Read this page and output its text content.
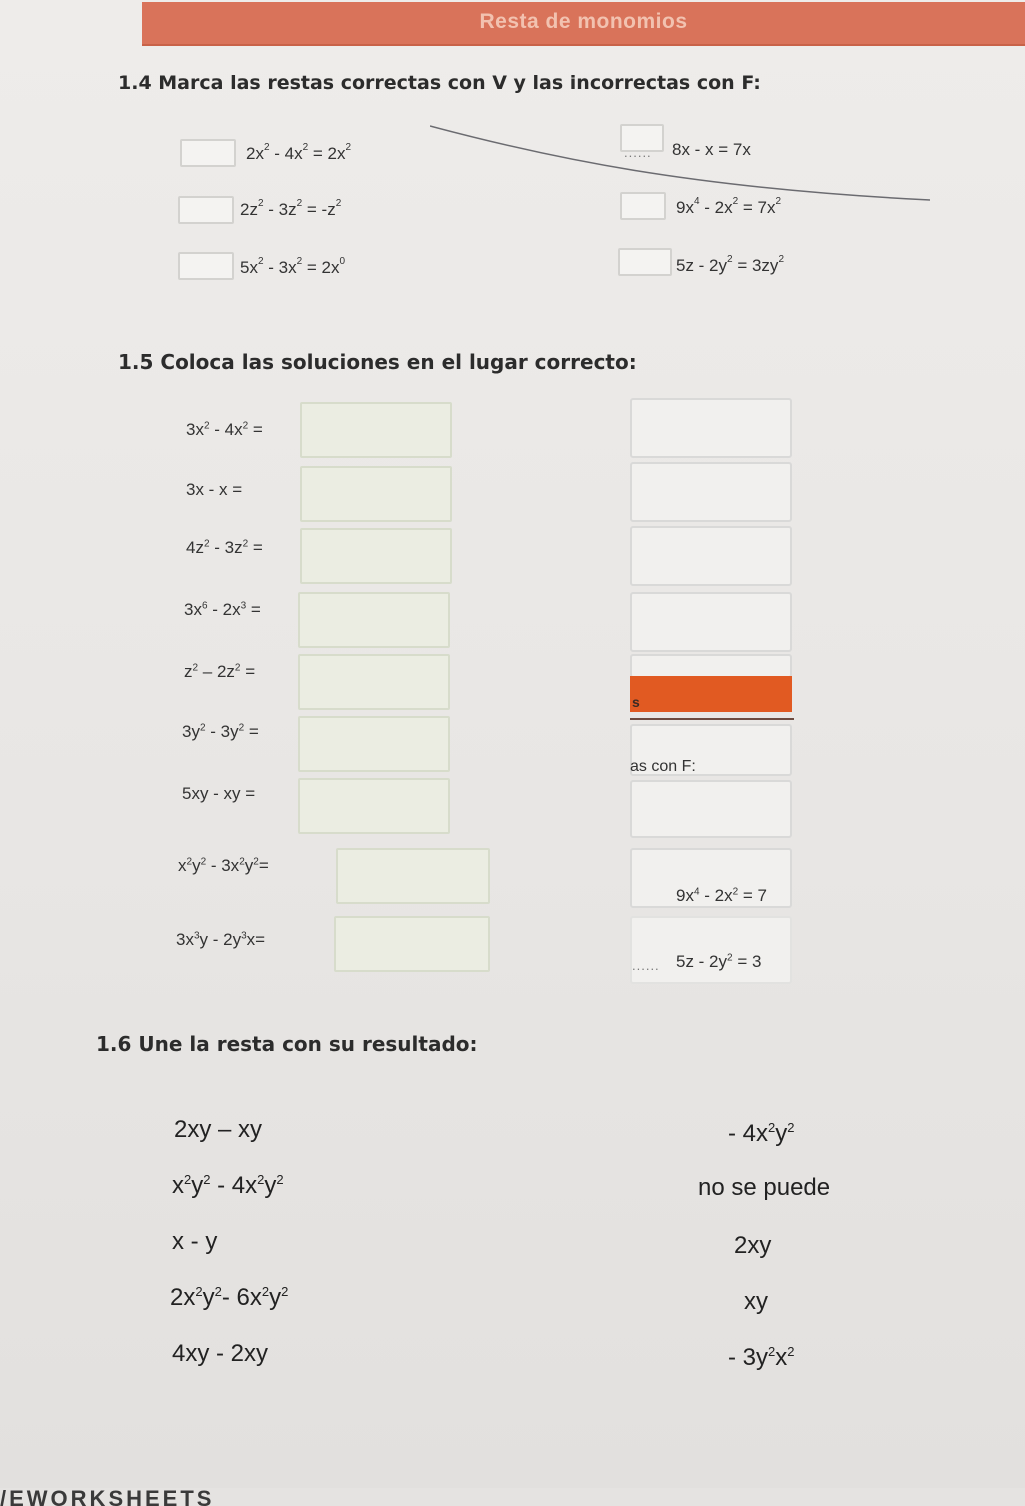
Resta de monomios
1.4 Marca las restas correctas con V y las incorrectas con F:
$2x^2 - 4x^2 = 2x^2$
$2z^2 - 3z^2 = -z^2$
$5x^2 - 3x^2 = 2x^0$
...... 8x - x = 7x
$9x^4 - 2x^2 = 7x^2$
$5z - 2y^2 = 3zy^2$
1.5 Coloca las soluciones en el lugar correcto:
$3x^2 - 4x^2$ =
3x - x =
$4z^2 - 3z^2$ =
$3x^6 - 2x^3$ =
$z^2 - 2z^2$ =
$3y^2 - 3y^2$ =
5xy - xy =
$x^2y^2 - 3x^2y^2=$
$3x^3y - 2y^3x=$
s
as con F:
$9x^4 - 2x^2 = 7$
...... $5z - 2y^2 = 3$
1.6 Une la resta con su resultado:
2xy – xy
$x^2y^2 - 4x^2y^2$
x - y
$2x^2y^2-$ $6x^2y^2$
4xy - 2xy
- $4x^2y^2$
no se puede
2xy
xy
- $3y^2x^2$
/EWORKSHEETS
